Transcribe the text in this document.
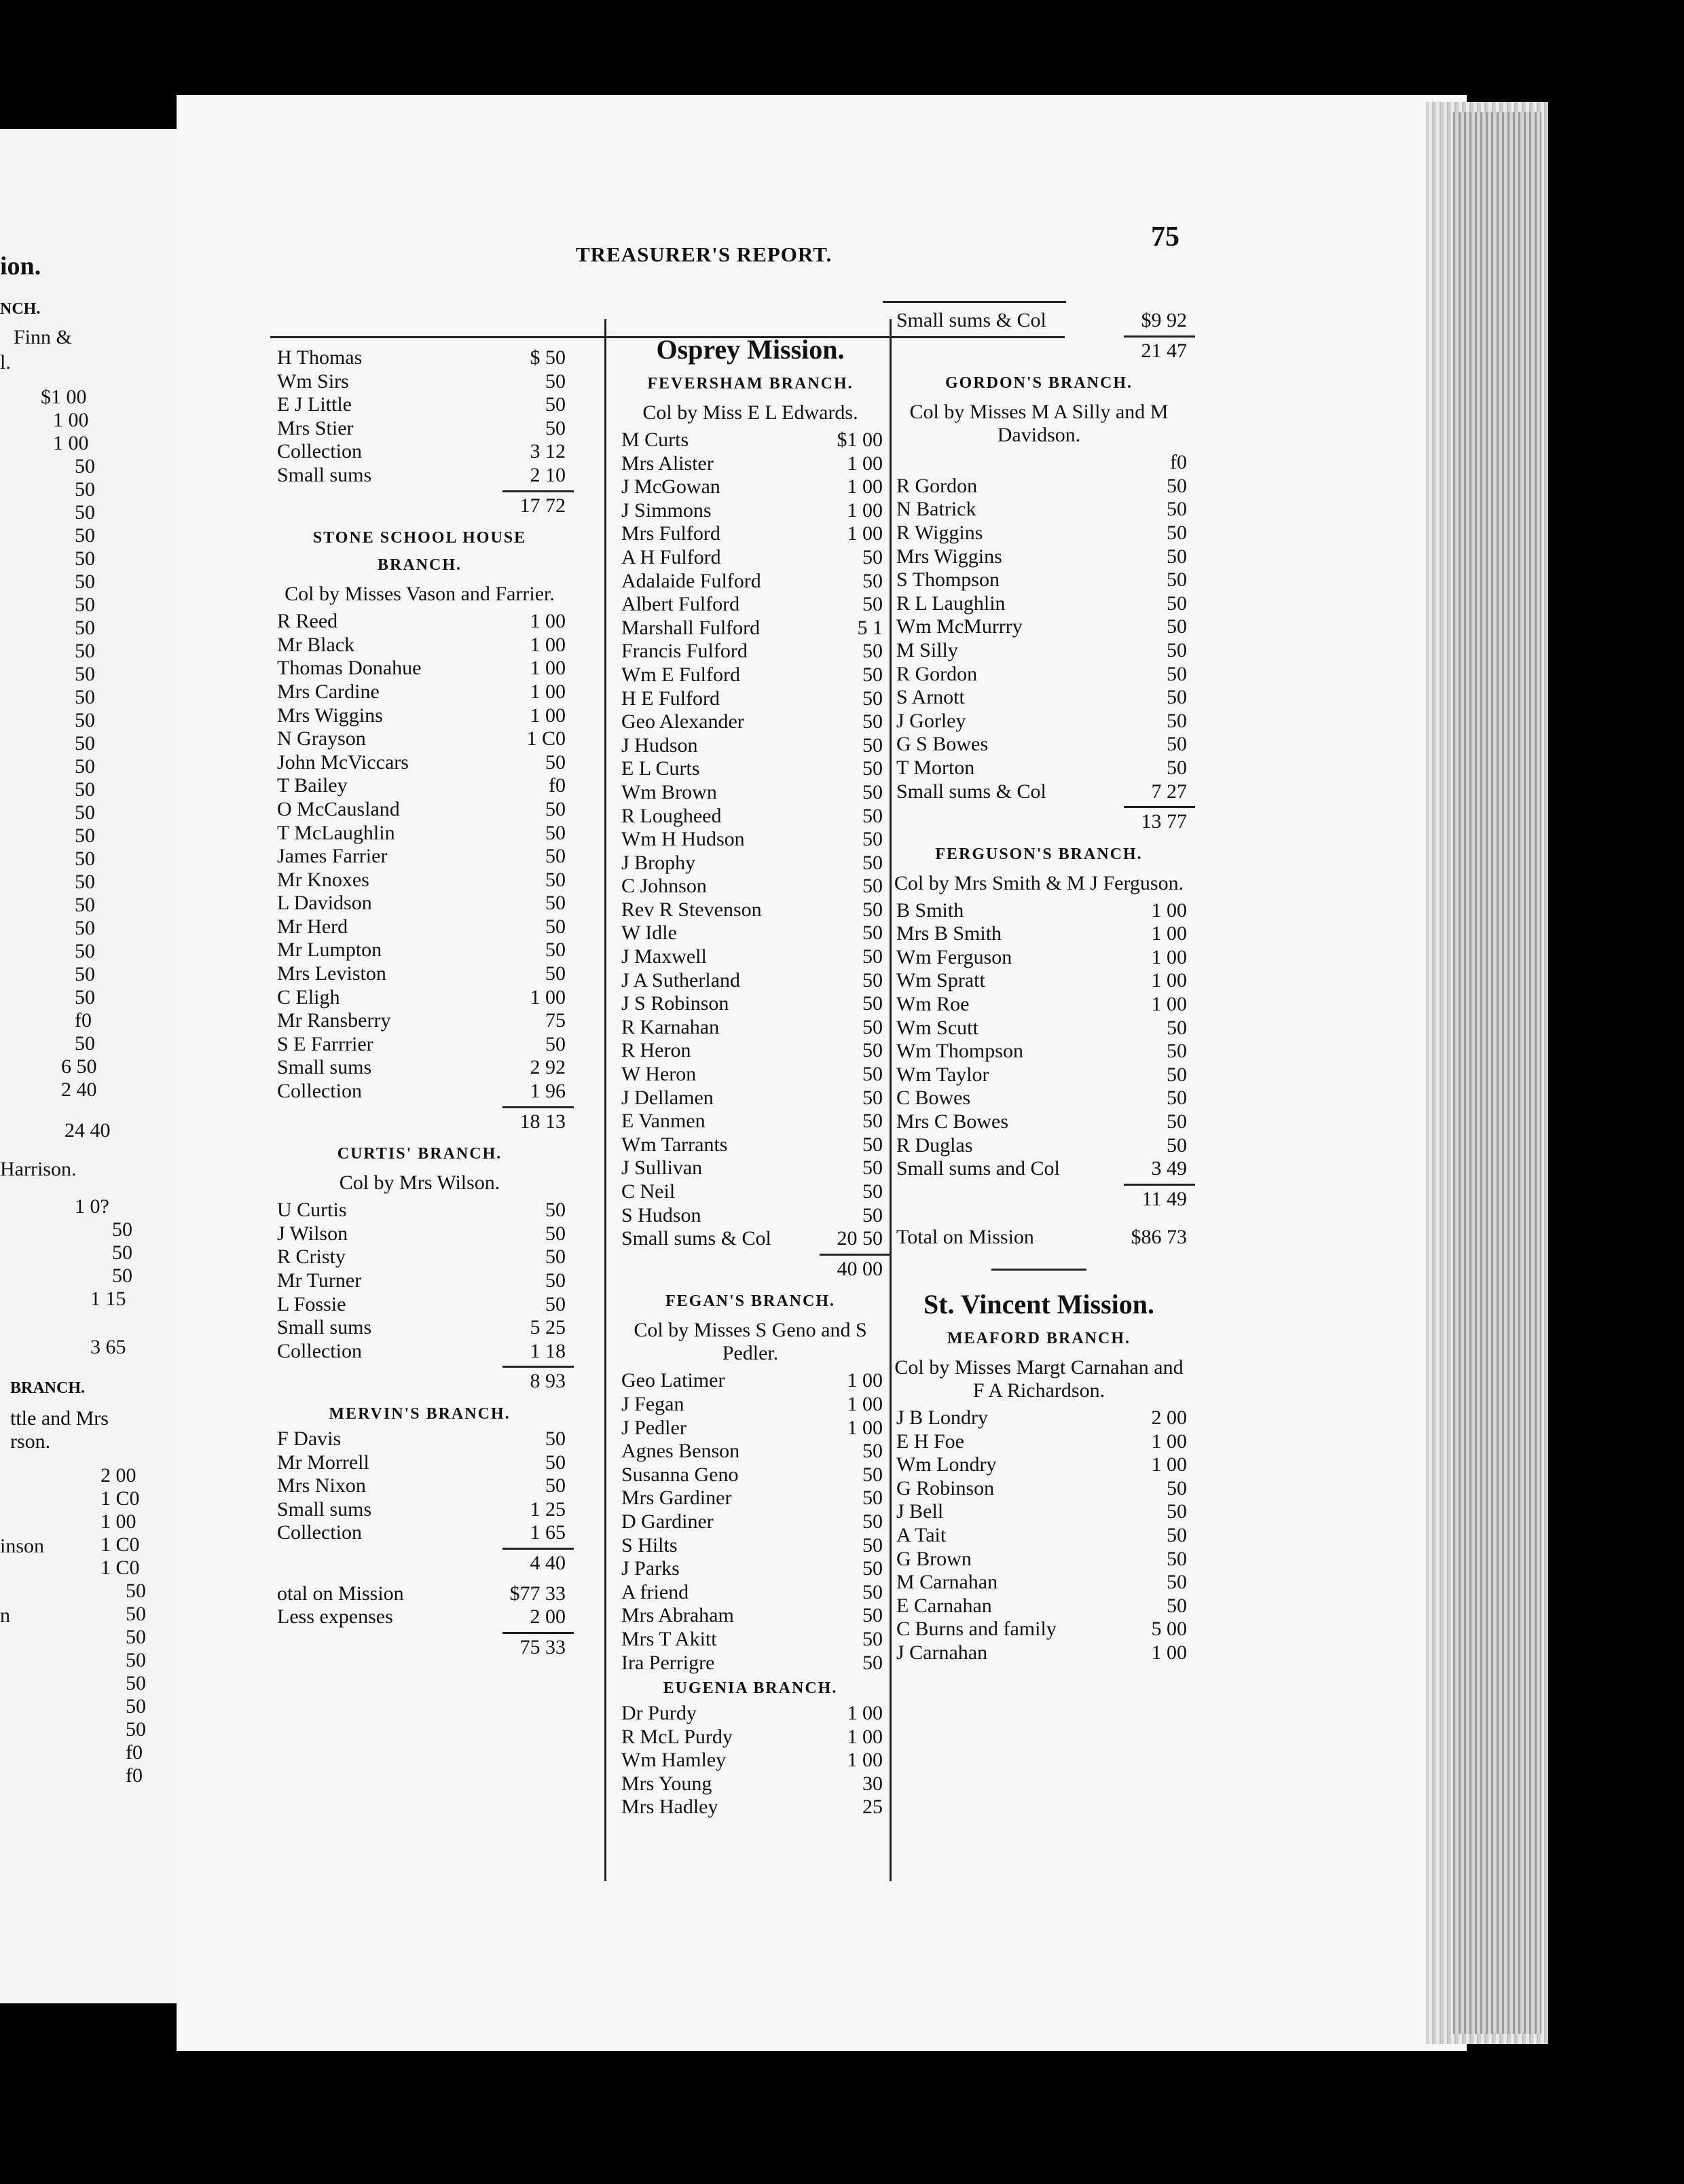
ion.
NCH.
Finn &
l.
$1 00
1 00
1 00
50
50
50
50
50
50
50
50
50
50
50
50
50
50
50
50
50
50
50
50
50
50
50
50
f0
50
6 50
2 40
24 40
Harrison.
1 0?
50
50
50
1 15
3 65
BRANCH.
ttle and Mrs
rson.
2 00
1 C0
1 00
inson	1 C0
1 C0
50
n	50
50
50
50
50
50
f0
f0
TREASURER'S REPORT.
75
H Thomas	$ 50
Wm Sirs	50
E J Little	50
Mrs Stier	50
Collection	3 12
Small sums	2 10
17 72
STONE SCHOOL HOUSE
BRANCH.
Col by Misses Vason and Farrier.
R Reed	1 00
Mr Black	1 00
Thomas Donahue	1 00
Mrs Cardine	1 00
Mrs Wiggins	1 00
N Grayson	1 C0
John McViccars	50
T Bailey	f0
O McCausland	50
T McLaughlin	50
James Farrier	50
Mr Knoxes	50
L Davidson	50
Mr Herd	50
Mr Lumpton	50
Mrs Leviston	50
C Eligh	1 00
Mr Ransberry	75
S E Farrrier	50
Small sums	2 92
Collection	1 96
18 13
CURTIS' BRANCH.
Col by Mrs Wilson.
U Curtis	50
J Wilson	50
R Cristy	50
Mr Turner	50
L Fossie	50
Small sums	5 25
Collection	1 18
8 93
MERVIN'S BRANCH.
F Davis	50
Mr Morrell	50
Mrs Nixon	50
Small sums	1 25
Collection	1 65
4 40
otal on Mission	$77 33
Less expenses	2 00
75 33
Osprey Mission.
FEVERSHAM BRANCH.
Col by Miss E L Edwards.
M Curts	$1 00
Mrs Alister	1 00
J McGowan	1 00
J Simmons	1 00
Mrs Fulford	1 00
A H Fulford	50
Adalaide Fulford	50
Albert Fulford	50
Marshall Fulford	5 1
Francis Fulford	50
Wm E Fulford	50
H E Fulford	50
Geo Alexander	50
J Hudson	50
E L Curts	50
Wm Brown	50
R Lougheed	50
Wm H Hudson	50
J Brophy	50
C Johnson	50
Rev R Stevenson	50
W Idle	50
J Maxwell	50
J A Sutherland	50
J S Robinson	50
R Karnahan	50
R Heron	50
W Heron	50
J Dellamen	50
E Vanmen	50
Wm Tarrants	50
J Sullivan	50
C Neil	50
S Hudson	50
Small sums & Col	20 50
40 00
FEGAN'S BRANCH.
Col by Misses S Geno and S Pedler.
Geo Latimer	1 00
J Fegan	1 00
J Pedler	1 00
Agnes Benson	50
Susanna Geno	50
Mrs Gardiner	50
D Gardiner	50
S Hilts	50
J Parks	50
A friend	50
Mrs Abraham	50
Mrs T Akitt	50
Ira Perrigre	50
EUGENIA BRANCH.
Dr Purdy	1 00
R McL Purdy	1 00
Wm Hamley	1 00
Mrs Young	30
Mrs Hadley	25
Small sums & Col	$9 92
21 47
GORDON'S BRANCH.
Col by Misses M A Silly and M Davidson.
f0
R Gordon	50
N Batrick	50
R Wiggins	50
Mrs Wiggins	50
S Thompson	50
R L Laughlin	50
Wm McMurrry	50
M Silly	50
R Gordon	50
S Arnott	50
J Gorley	50
G S Bowes	50
T Morton	50
Small sums & Col	7 27
13 77
FERGUSON'S BRANCH.
Col by Mrs Smith & M J Ferguson.
B Smith	1 00
Mrs B Smith	1 00
Wm Ferguson	1 00
Wm Spratt	1 00
Wm Roe	1 00
Wm Scutt	50
Wm Thompson	50
Wm Taylor	50
C Bowes	50
Mrs C Bowes	50
R Duglas	50
Small sums and Col	3 49
11 49
Total on Mission	$86 73
St. Vincent Mission.
MEAFORD BRANCH.
Col by Misses Margt Carnahan and F A Richardson.
J B Londry	2 00
E H Foe	1 00
Wm Londry	1 00
G Robinson	50
J Bell	50
A Tait	50
G Brown	50
M Carnahan	50
E Carnahan	50
C Burns and family	5 00
J Carnahan	1 00
